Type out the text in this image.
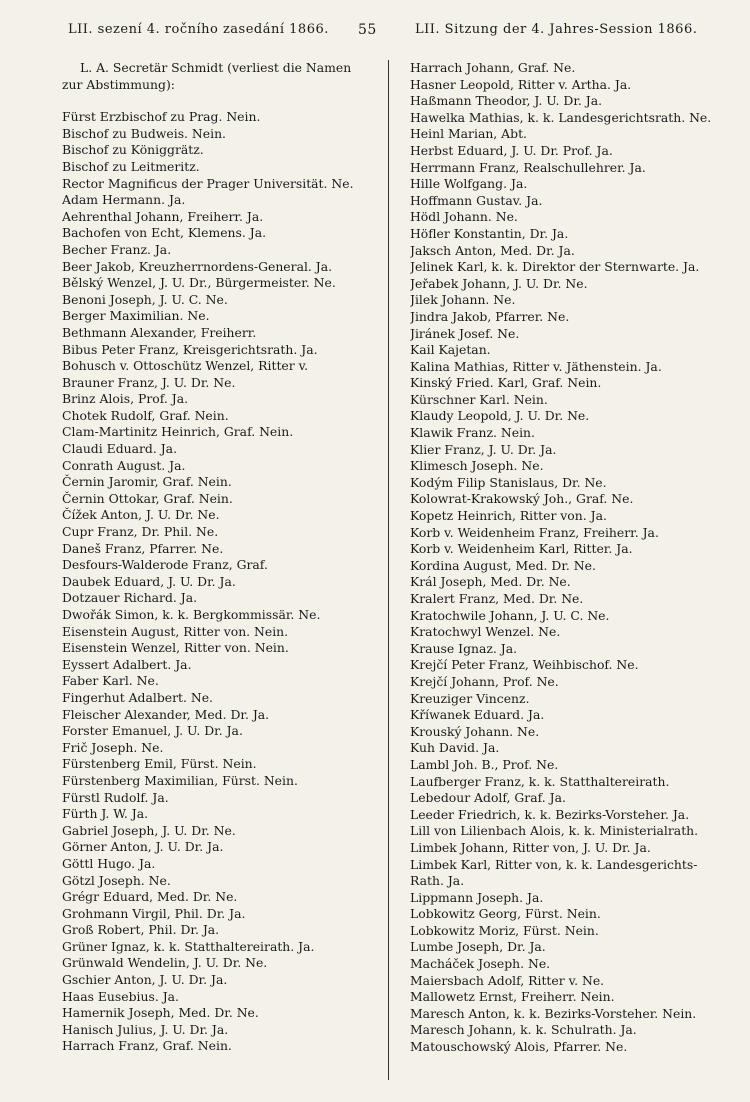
LII. sezení 4. ročního zasedání 1866. 55	LII. Sitzung der 4. Jahres-Session 1866.
L. A. Secretär Schmidt (verliest die Namen
zur Abstimmung):
Fürst Erzbischof zu Prag. Nein.
Bischof zu Budweis. Nein.
Bischof zu Königgrätz.
Bischof zu Leitmeritz.
Rector Magnificus der Prager Universität. Ne.
Adam Hermann. Ja.
Aehrenthal Johann, Freiherr. Ja.
Bachofen von Echt, Klemens. Ja.
Becher Franz. Ja.
Beer Jakob, Kreuzherrnordens-General. Ja.
Bělský Wenzel, J. U. Dr., Bürgermeister. Ne.
Benoni Joseph, J. U. C. Ne.
Berger Maximilian. Ne.
Bethmann Alexander, Freiherr.
Bibus Peter Franz, Kreisgerichtsrath. Ja.
Bohusch v. Ottoschütz Wenzel, Ritter v.
Brauner Franz, J. U. Dr. Ne.
Brinz Alois, Prof. Ja.
Chotek Rudolf, Graf. Nein.
Clam-Martinitz Heinrich, Graf. Nein.
Claudi Eduard. Ja.
Conrath August. Ja.
Černin Jaromir, Graf. Nein.
Černin Ottokar, Graf. Nein.
Čížek Anton, J. U. Dr. Ne.
Cupr Franz, Dr. Phil. Ne.
Daneš Franz, Pfarrer. Ne.
Desfours-Walderode Franz, Graf.
Daubek Eduard, J. U. Dr. Ja.
Dotzauer Richard. Ja.
Dwořák Simon, k. k. Bergkommissär. Ne.
Eisenstein August, Ritter von. Nein.
Eisenstein Wenzel, Ritter von. Nein.
Eyssert Adalbert. Ja.
Faber Karl. Ne.
Fingerhut Adalbert. Ne.
Fleischer Alexander, Med. Dr. Ja.
Forster Emanuel, J. U. Dr. Ja.
Frič Joseph. Ne.
Fürstenberg Emil, Fürst. Nein.
Fürstenberg Maximilian, Fürst. Nein.
Fürstl Rudolf. Ja.
Fürth J. W. Ja.
Gabriel Joseph, J. U. Dr. Ne.
Görner Anton, J. U. Dr. Ja.
Göttl Hugo. Ja.
Götzl Joseph. Ne.
Grégr Eduard, Med. Dr. Ne.
Grohmann Virgil, Phil. Dr. Ja.
Groß Robert, Phil. Dr. Ja.
Grüner Ignaz, k. k. Statthaltereirath. Ja.
Grünwald Wendelin, J. U. Dr. Ne.
Gschier Anton, J. U. Dr. Ja.
Haas Eusebius. Ja.
Hamernik Joseph, Med. Dr. Ne.
Hanisch Julius, J. U. Dr. Ja.
Harrach Franz, Graf. Nein.
Harrach Johann, Graf. Ne.
Hasner Leopold, Ritter v. Artha. Ja.
Haßmann Theodor, J. U. Dr. Ja.
Hawelka Mathias, k. k. Landesgerichtsrath. Ne.
Heinl Marian, Abt.
Herbst Eduard, J. U. Dr. Prof. Ja.
Herrmann Franz, Realschullehrer. Ja.
Hille Wolfgang. Ja.
Hoffmann Gustav. Ja.
Hödl Johann. Ne.
Höfler Konstantin, Dr. Ja.
Jaksch Anton, Med. Dr. Ja.
Jelinek Karl, k. k. Direktor der Sternwarte. Ja.
Jeřabek Johann, J. U. Dr. Ne.
Jilek Johann. Ne.
Jindra Jakob, Pfarrer. Ne.
Jiránek Josef. Ne.
Kail Kajetan.
Kalina Mathias, Ritter v. Jäthenstein. Ja.
Kinský Fried. Karl, Graf. Nein.
Kürschner Karl. Nein.
Klaudy Leopold, J. U. Dr. Ne.
Klawik Franz. Nein.
Klier Franz, J. U. Dr. Ja.
Klimesch Joseph. Ne.
Kodým Filip Stanislaus, Dr. Ne.
Kolowrat-Krakowský Joh., Graf. Ne.
Kopetz Heinrich, Ritter von. Ja.
Korb v. Weidenheim Franz, Freiherr. Ja.
Korb v. Weidenheim Karl, Ritter. Ja.
Kordina August, Med. Dr. Ne.
Král Joseph, Med. Dr. Ne.
Kralert Franz, Med. Dr. Ne.
Kratochwile Johann, J. U. C. Ne.
Kratochwyl Wenzel. Ne.
Krause Ignaz. Ja.
Krejčí Peter Franz, Weihbischof. Ne.
Krejčí Johann, Prof. Ne.
Kreuziger Vincenz.
Kříwanek Eduard. Ja.
Krouský Johann. Ne.
Kuh David. Ja.
Lambl Joh. B., Prof. Ne.
Laufberger Franz, k. k. Statthaltereirath.
Lebedour Adolf, Graf. Ja.
Leeder Friedrich, k. k. Bezirks-Vorsteher. Ja.
Lill von Lilienbach Alois, k. k. Ministerialrath.
Limbek Johann, Ritter von, J. U. Dr. Ja.
Limbek Karl, Ritter von, k. k. Landesgerichts-
Rath. Ja.
Lippmann Joseph. Ja.
Lobkowitz Georg, Fürst. Nein.
Lobkowitz Moriz, Fürst. Nein.
Lumbe Joseph, Dr. Ja.
Macháček Joseph. Ne.
Maiersbach Adolf, Ritter v. Ne.
Mallowetz Ernst, Freiherr. Nein.
Maresch Anton, k. k. Bezirks-Vorsteher. Nein.
Maresch Johann, k. k. Schulrath. Ja.
Matouschowský Alois, Pfarrer. Ne.
